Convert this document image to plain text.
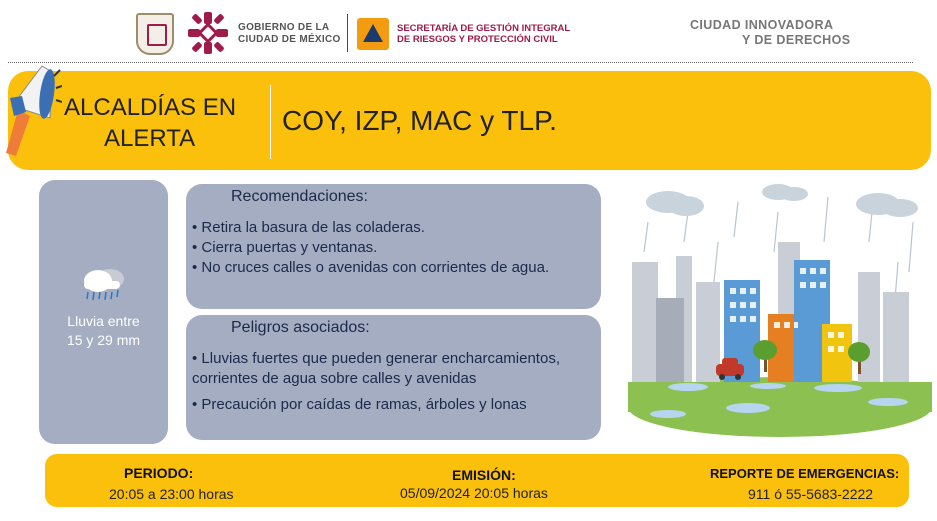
GOBIERNO DE LA
CIUDAD DE MÉXICO
SECRETARÍA DE GESTIÓN INTEGRAL
DE RIESGOS Y PROTECCIÓN CIVIL
CIUDAD INNOVADORA
Y DE DERECHOS
ALCALDÍAS EN
ALERTA
COY, IZP, MAC y TLP.
Lluvia entre
15 y 29 mm
Recomendaciones:
• Retira la basura de las coladeras.
• Cierra puertas y ventanas.
• No cruces calles o avenidas con corrientes de agua.
Peligros asociados:
• Lluvias fuertes que pueden generar encharcamientos,
corrientes de agua sobre calles y avenidas
• Precaución por caídas de ramas, árboles y lonas
PERIODO:
20:05 a 23:00 horas
EMISIÓN:
05/09/2024 20:05 horas
REPORTE DE EMERGENCIAS:
911 ó 55-5683-2222
